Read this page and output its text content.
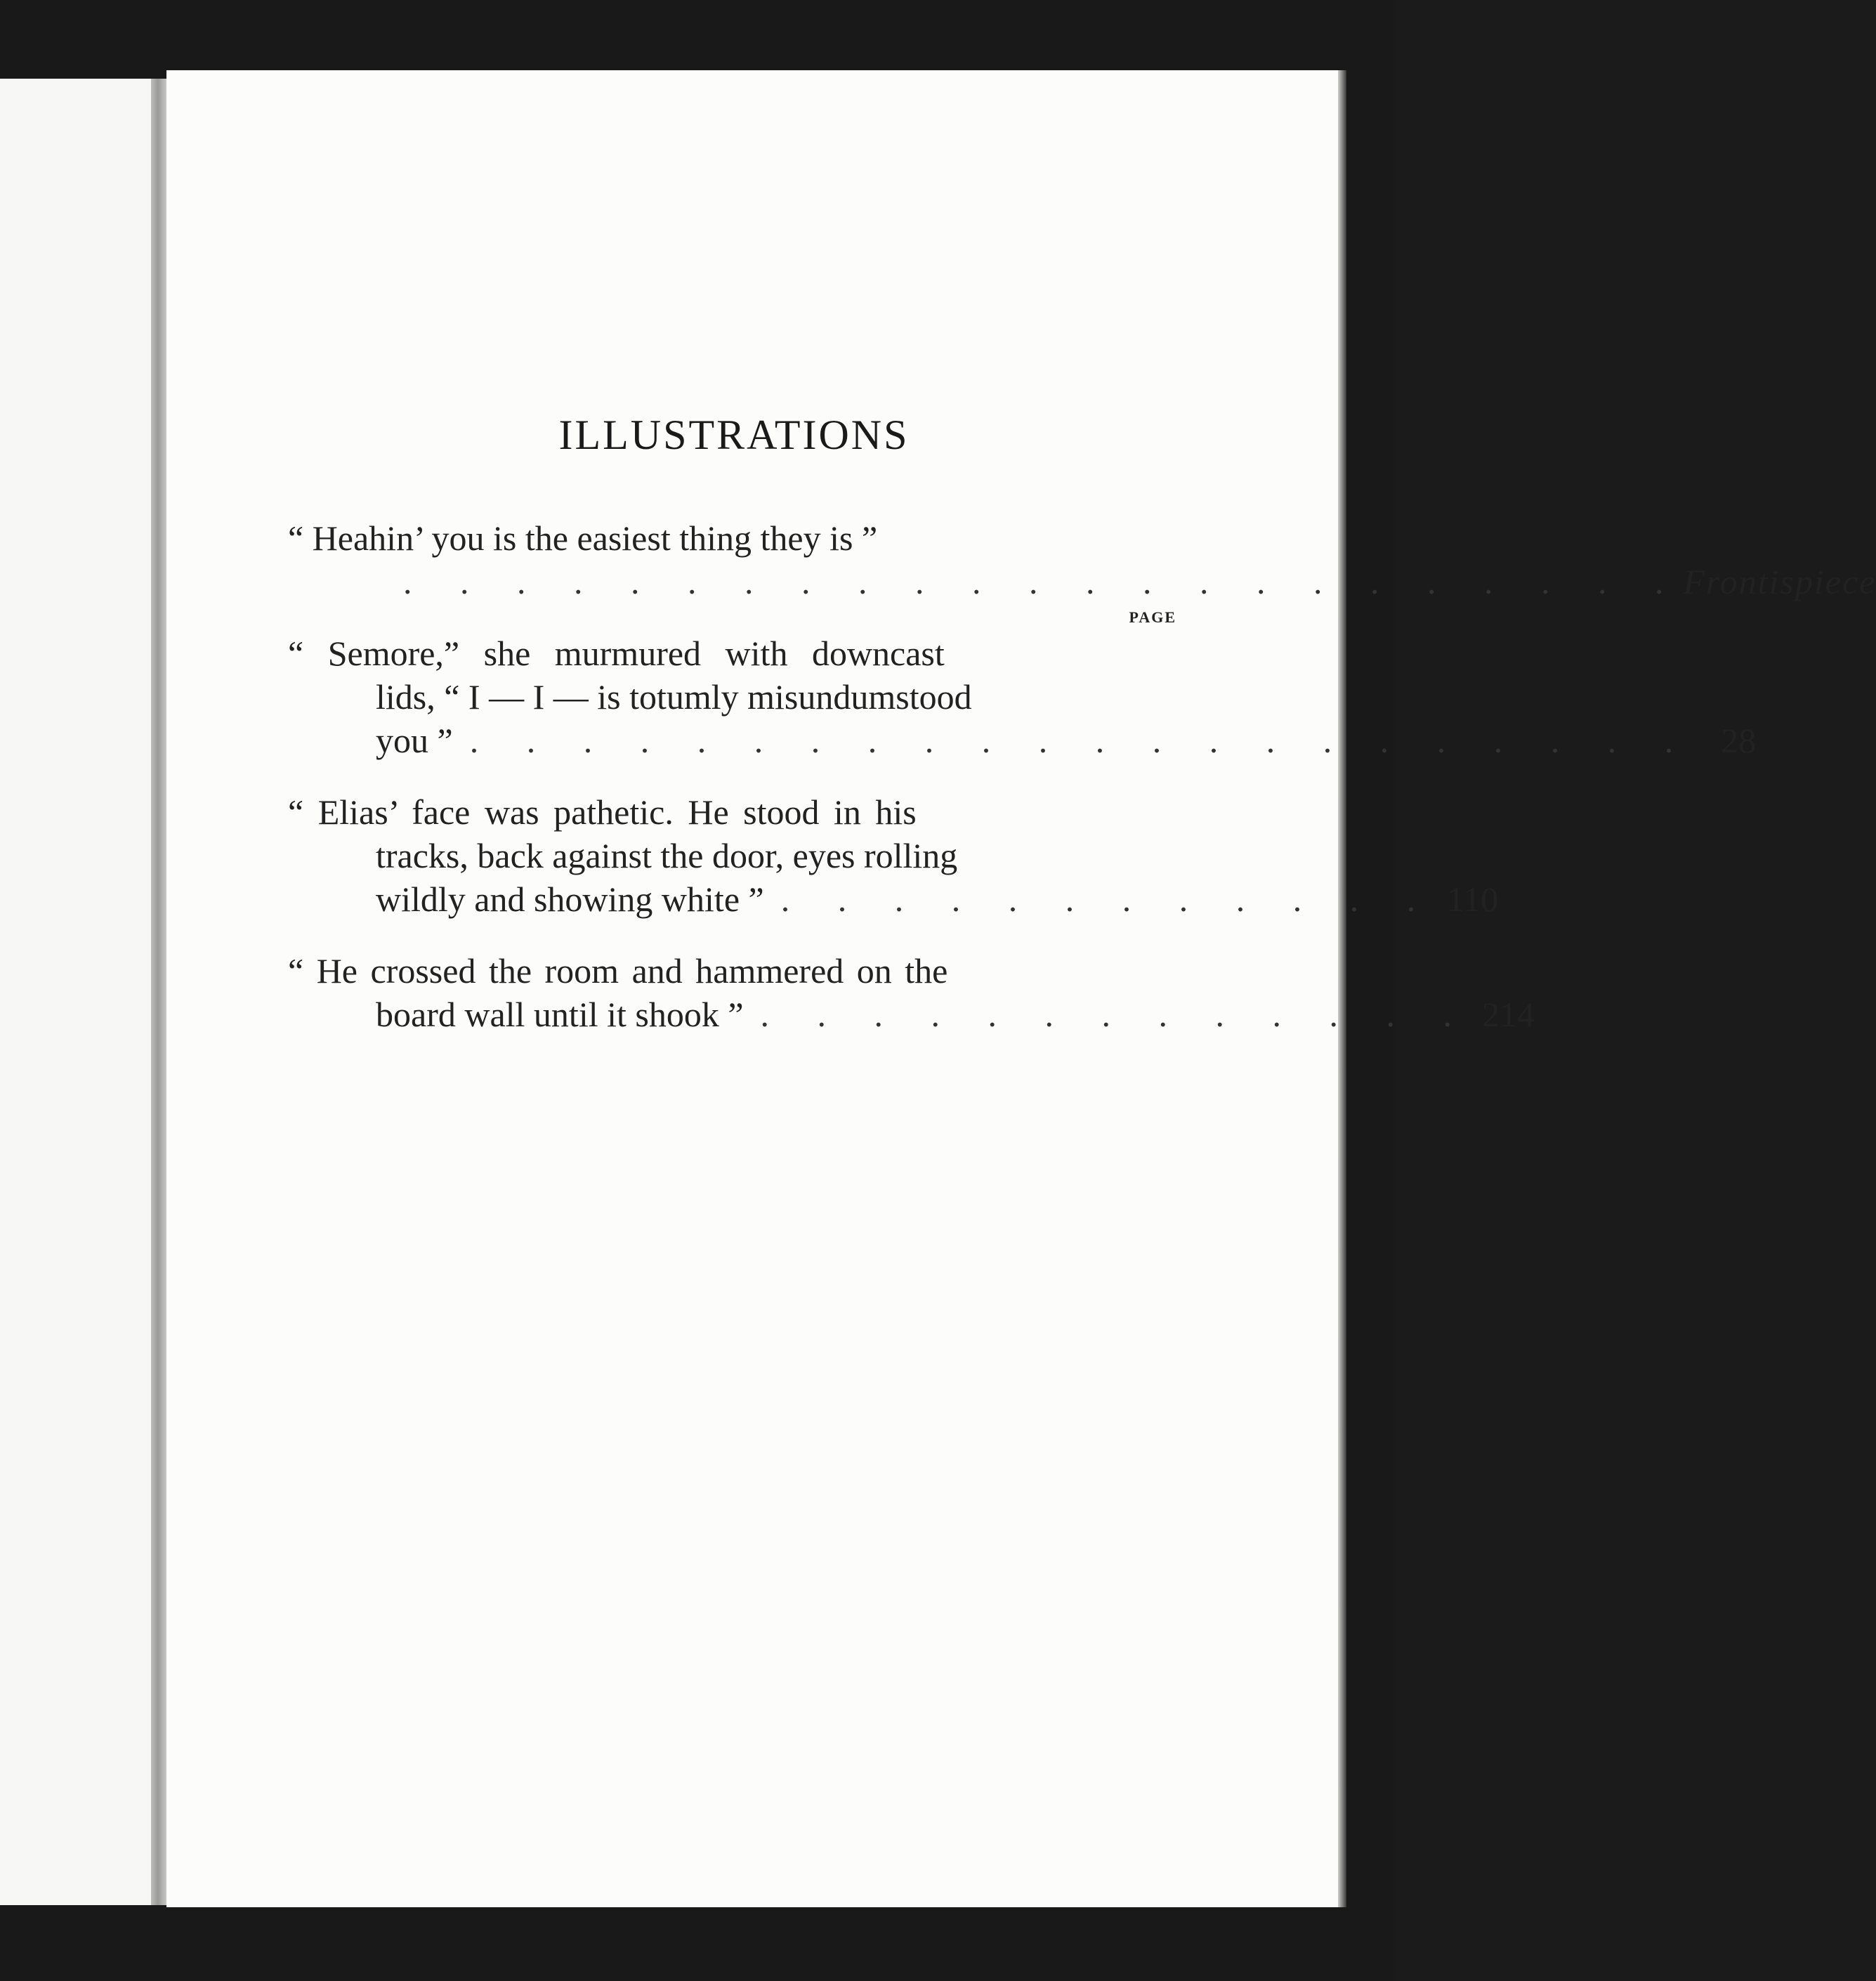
ILLUSTRATIONS
“ Heahin’ you is the easiest thing they is ”
. . . . . . . . . . . . . . . . . . . . . . . Frontispiece
PAGE
“ Semore,” she murmured with downcast
lids, “ I — I — is totumly misundumstood
you ” . . . . . . . . . . . . . . . . . . . . . . 28
“ Elias’ face was pathetic. He stood in his
tracks, back against the door, eyes rolling
wildly and showing white ” . . . . . . . . . . . . 110
“ He crossed the room and hammered on the
board wall until it shook ” . . . . . . . . . . . . . 214
